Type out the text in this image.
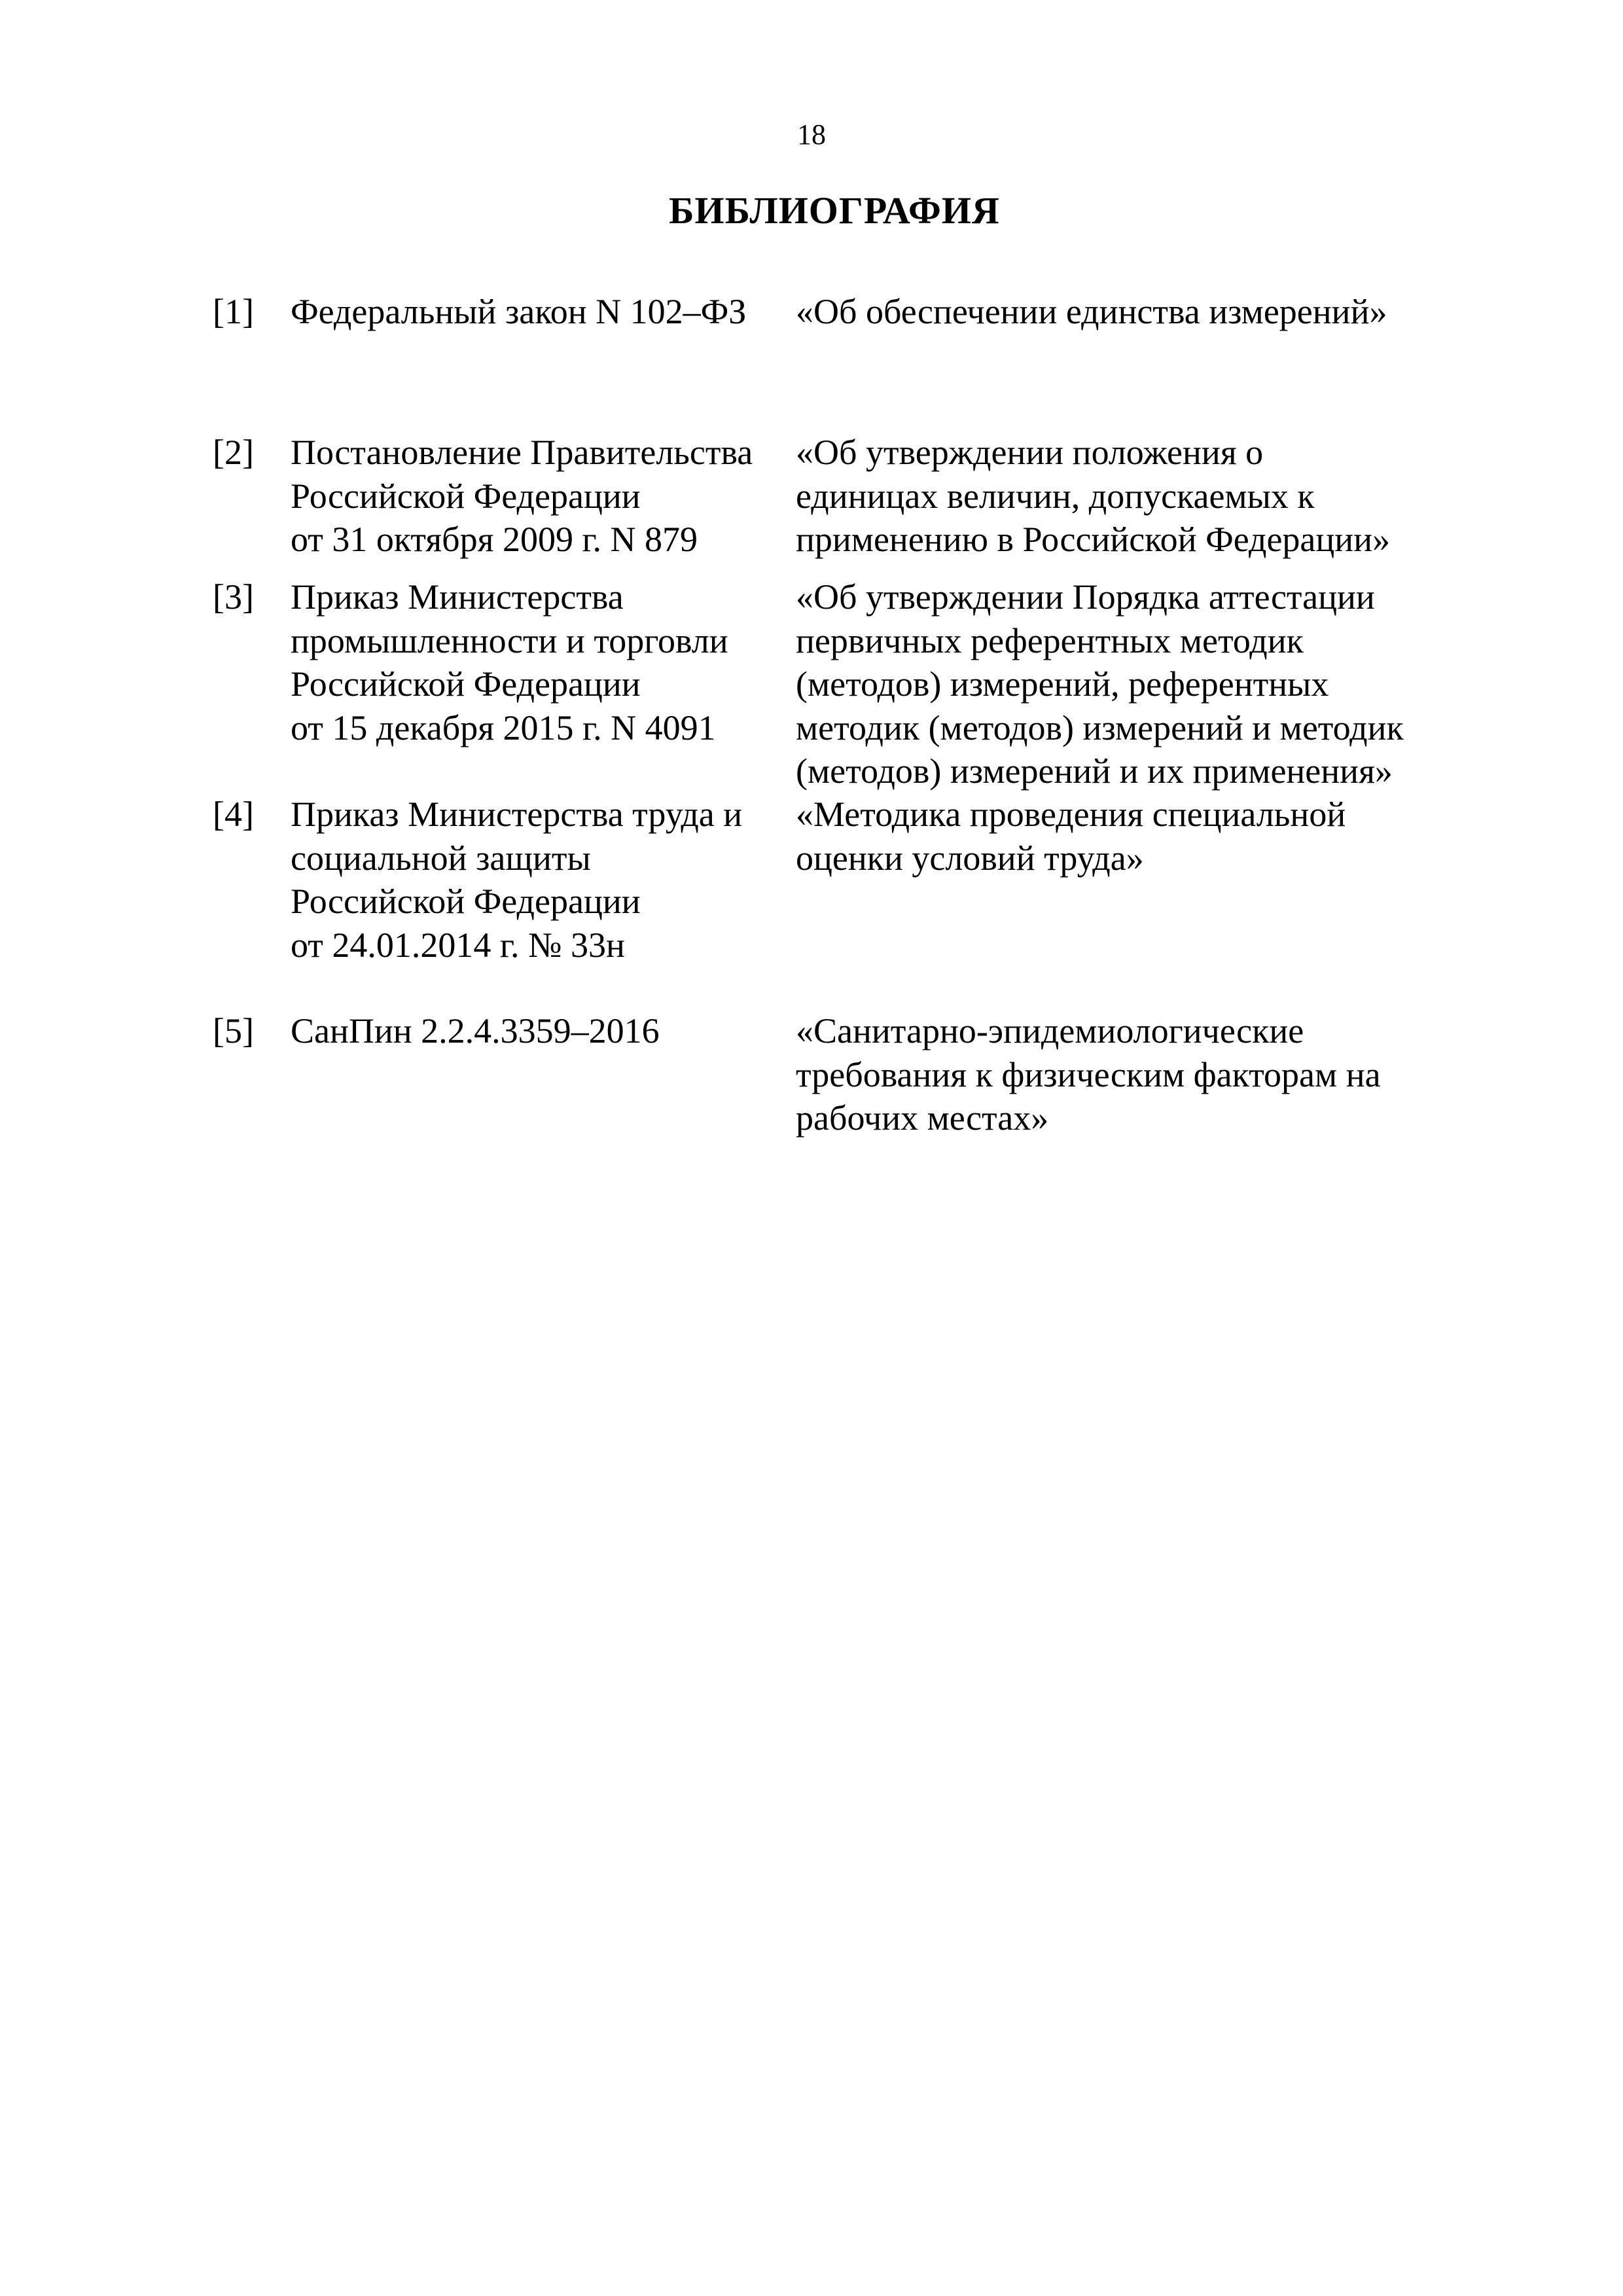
18
БИБЛИОГРАФИЯ
[1] Федеральный закон N 102–ФЗ	«Об обеспечении единства измерений»
[2] Постановление Правительства
Российской Федерации
от 31 октября 2009 г. N 879
«Об утверждении положения о
единицах величин, допускаемых к
применению в Российской Федерации»
[3] Приказ Министерства
промышленности и торговли
Российской Федерации
от 15 декабря 2015 г. N 4091
«Об утверждении Порядка аттестации
первичных референтных методик
(методов) измерений, референтных
методик (методов) измерений и методик
(методов) измерений и их применения»
[4] Приказ Министерства труда и
социальной защиты
Российской Федерации
от 24.01.2014 г. № 33н
«Методика проведения специальной
оценки условий труда»
[5] СанПин 2.2.4.3359–2016	«Санитарно-эпидемиологические
требования к физическим факторам на
рабочих местах»
